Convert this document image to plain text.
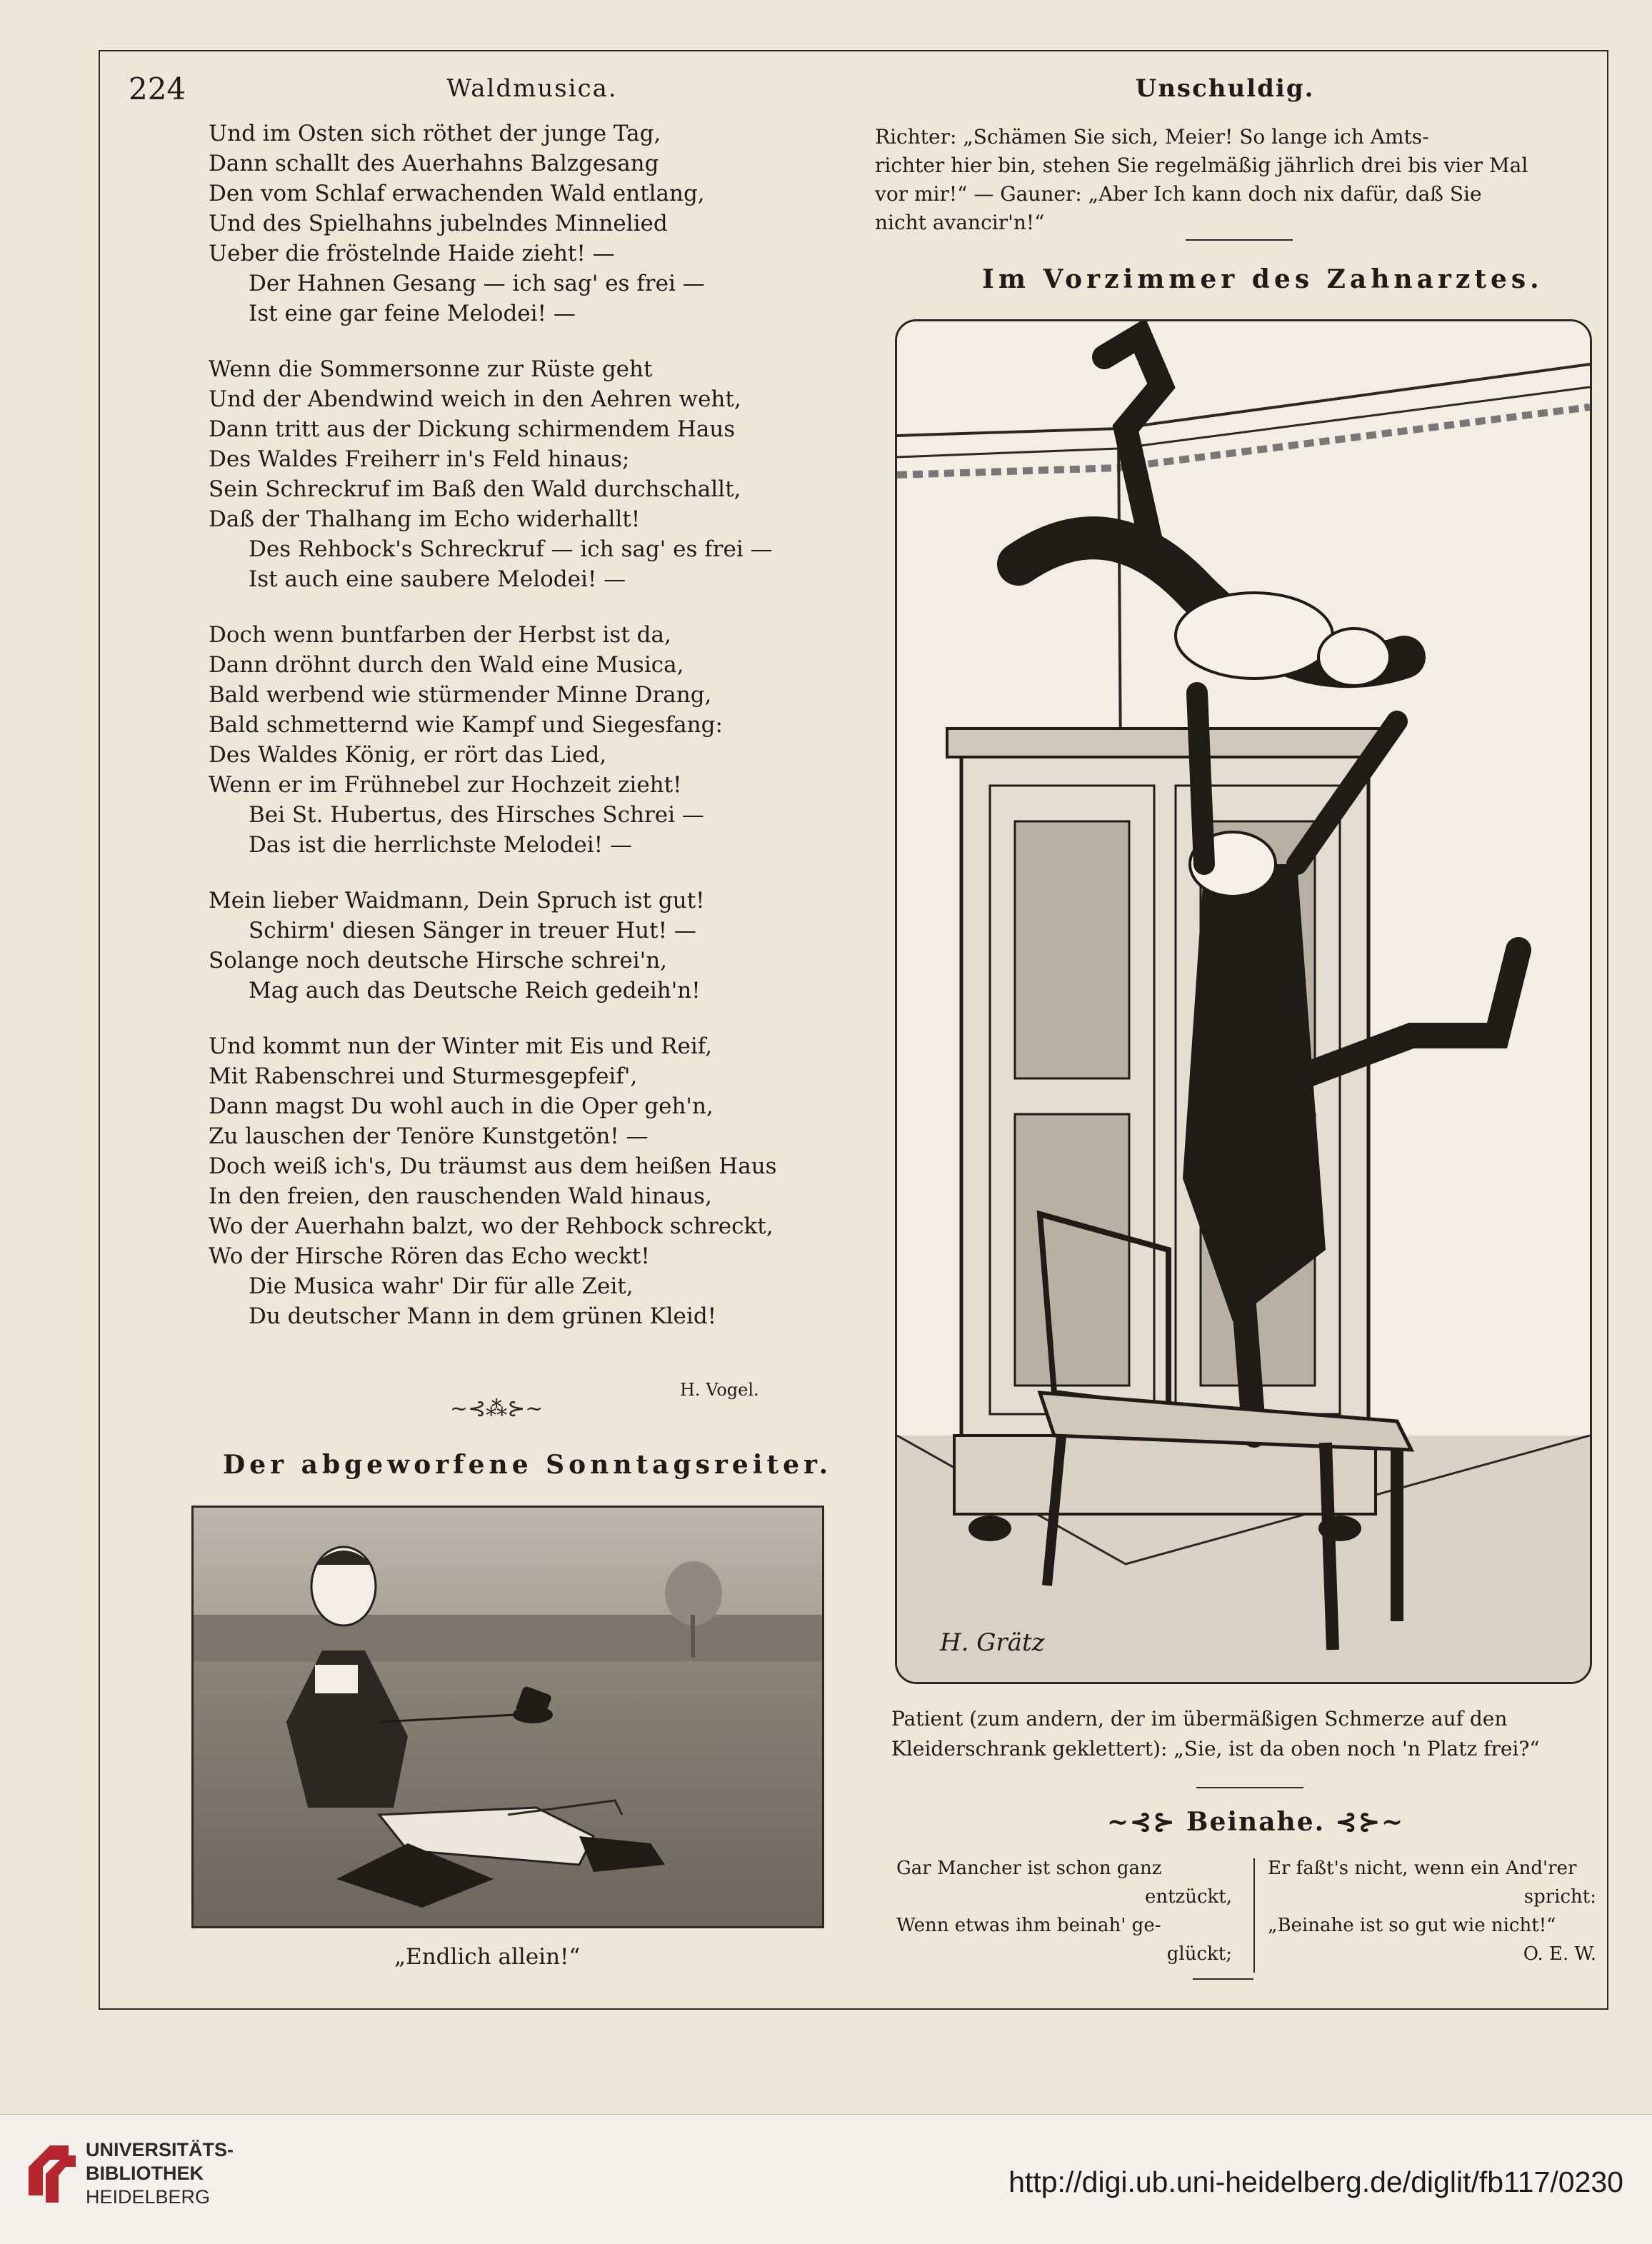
224	Waldmusica.	Unschuldig.
Und im Osten sich röthet der junge Tag,
Dann schallt des Auerhahns Balzgesang
Den vom Schlaf erwachenden Wald entlang,
Und des Spielhahns jubelndes Minnelied
Ueber die fröstelnde Haide zieht! —
Der Hahnen Gesang — ich sag' es frei —
Ist eine gar feine Melodei! —
Wenn die Sommersonne zur Rüste geht
Und der Abendwind weich in den Aehren weht,
Dann tritt aus der Dickung schirmendem Haus
Des Waldes Freiherr in's Feld hinaus;
Sein Schreckruf im Baß den Wald durchschallt,
Daß der Thalhang im Echo widerhallt!
Des Rehbock's Schreckruf — ich sag' es frei —
Ist auch eine saubere Melodei! —
Doch wenn buntfarben der Herbst ist da,
Dann dröhnt durch den Wald eine Musica,
Bald werbend wie stürmender Minne Drang,
Bald schmetternd wie Kampf und Siegesfang:
Des Waldes König, er rört das Lied,
Wenn er im Frühnebel zur Hochzeit zieht!
Bei St. Hubertus, des Hirsches Schrei —
Das ist die herrlichste Melodei! —
Mein lieber Waidmann, Dein Spruch ist gut!
Schirm' diesen Sänger in treuer Hut! —
Solange noch deutsche Hirsche schrei'n,
Mag auch das Deutsche Reich gedeih'n!
Und kommt nun der Winter mit Eis und Reif,
Mit Rabenschrei und Sturmesgepfeif',
Dann magst Du wohl auch in die Oper geh'n,
Zu lauschen der Tenöre Kunstgetön! —
Doch weiß ich's, Du träumst aus dem heißen Haus
In den freien, den rauschenden Wald hinaus,
Wo der Auerhahn balzt, wo der Rehbock schreckt,
Wo der Hirsche Rören das Echo weckt!
Die Musica wahr' Dir für alle Zeit,
Du deutscher Mann in dem grünen Kleid!
~⊰⁂⊱~
H. Vogel.
Der abgeworfene Sonntagsreiter.
„Endlich allein!“
Richter: „Schämen Sie sich, Meier! So lange ich Amts-
richter hier bin, stehen Sie regelmäßig jährlich drei bis vier Mal
vor mir!“ — Gauner: „Aber Ich kann doch nix dafür, daß Sie
nicht avancir'n!“
Im Vorzimmer des Zahnarztes.
H. Grätz
Patient (zum andern, der im übermäßigen Schmerze auf den
Kleiderschrank geklettert): „Sie, ist da oben noch 'n Platz frei?“
~⊰⊱ Beinahe. ⊰⊱~
Gar Mancher ist schon ganz
entzückt,
Wenn etwas ihm beinah' ge-
glückt;
Er faßt's nicht, wenn ein And'rer
spricht:
„Beinahe ist so gut wie nicht!“
O. E. W.
UNIVERSITÄTS-
BIBLIOTHEK
HEIDELBERG	http://digi.ub.uni-heidelberg.de/diglit/fb117/0230
